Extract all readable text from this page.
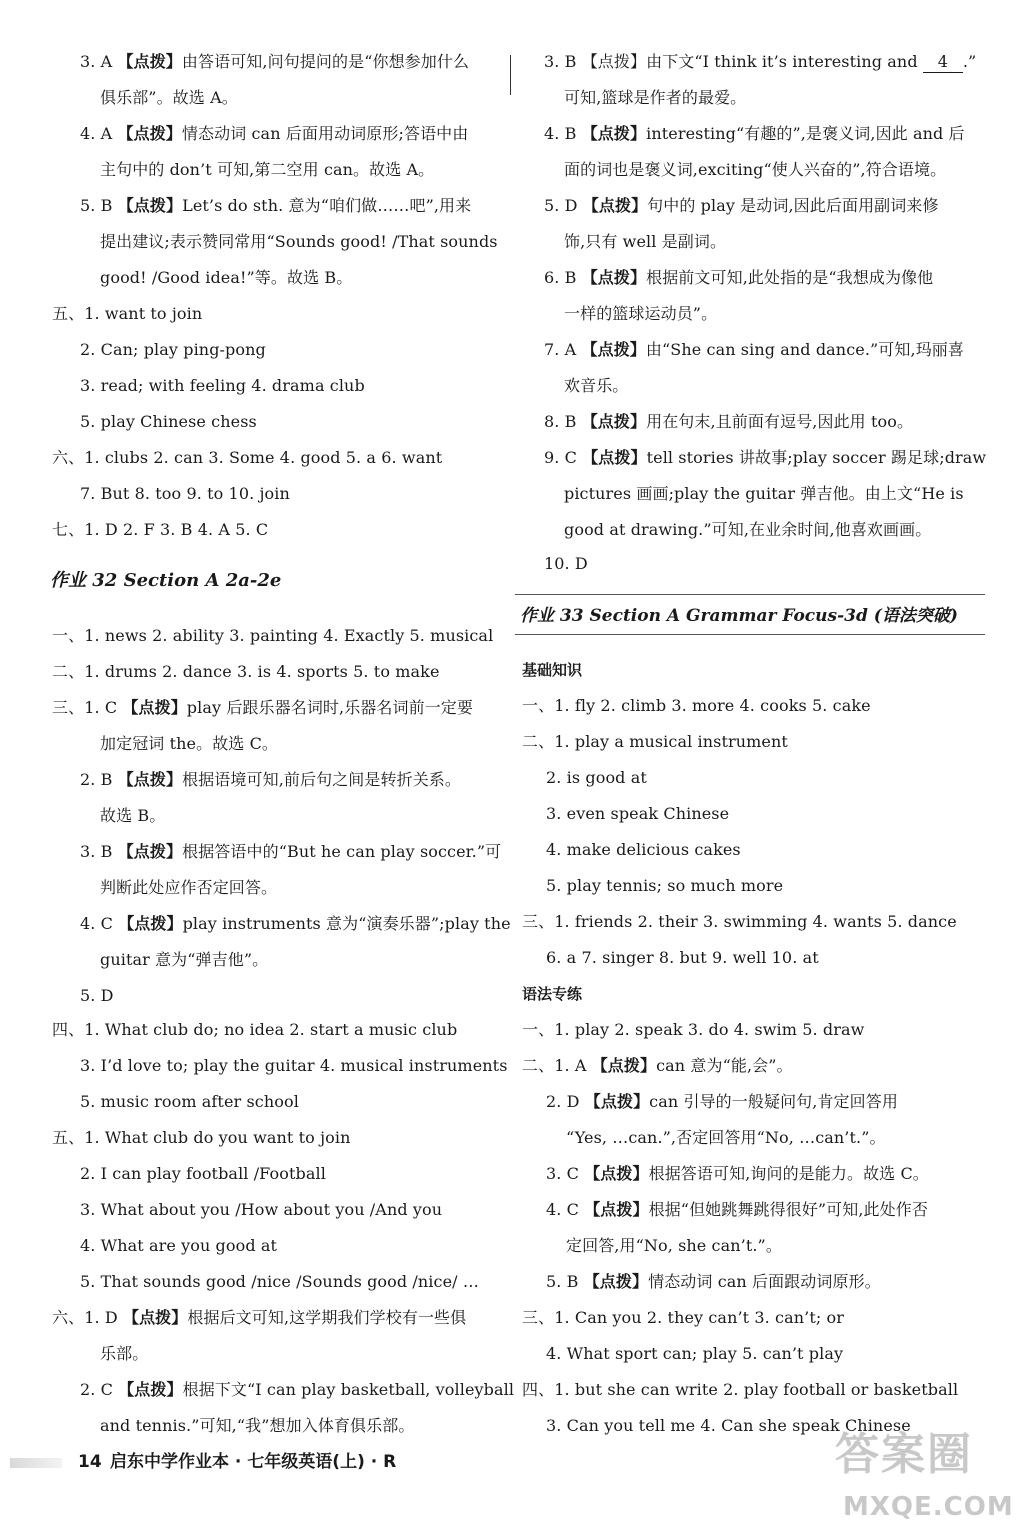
3. A 【点拨】由答语可知,问句提问的是“你想参加什么
俱乐部”。故选 A。
4. A 【点拨】情态动词 can 后面用动词原形;答语中由
主句中的 don’t 可知,第二空用 can。故选 A。
5. B 【点拨】Let’s do sth. 意为“咱们做……吧”,用来
提出建议;表示赞同常用“Sounds good! /That sounds
good! /Good idea!”等。故选 B。
五、1. want to join
2. Can; play ping-pong
3. read; with feeling 4. drama club
5. play Chinese chess
六、1. clubs 2. can 3. Some 4. good 5. a 6. want
7. But 8. too 9. to 10. join
七、1. D 2. F 3. B 4. A 5. C
作业 32 Section A 2a-2e
一、1. news 2. ability 3. painting 4. Exactly 5. musical
二、1. drums 2. dance 3. is 4. sports 5. to make
三、1. C 【点拨】play 后跟乐器名词时,乐器名词前一定要
加定冠词 the。故选 C。
2. B 【点拨】根据语境可知,前后句之间是转折关系。
故选 B。
3. B 【点拨】根据答语中的“But he can play soccer.”可
判断此处应作否定回答。
4. C 【点拨】play instruments 意为“演奏乐器”;play the
guitar 意为“弹吉他”。
5. D
四、1. What club do; no idea 2. start a music club
3. I’d love to; play the guitar 4. musical instruments
5. music room after school
五、1. What club do you want to join
2. I can play football /Football
3. What about you /How about you /And you
4. What are you good at
5. That sounds good /nice /Sounds good /nice/ …
六、1. D 【点拨】根据后文可知,这学期我们学校有一些俱
乐部。
2. C 【点拨】根据下文“I can play basketball, volleyball
and tennis.”可知,“我”想加入体育俱乐部。
3. B 【点拨】由下文“I think it’s interesting and 4 .”
可知,篮球是作者的最爱。
4. B 【点拨】interesting“有趣的”,是褒义词,因此 and 后
面的词也是褒义词,exciting“使人兴奋的”,符合语境。
5. D 【点拨】句中的 play 是动词,因此后面用副词来修
饰,只有 well 是副词。
6. B 【点拨】根据前文可知,此处指的是“我想成为像他
一样的篮球运动员”。
7. A 【点拨】由“She can sing and dance.”可知,玛丽喜
欢音乐。
8. B 【点拨】用在句末,且前面有逗号,因此用 too。
9. C 【点拨】tell stories 讲故事;play soccer 踢足球;draw
pictures 画画;play the guitar 弹吉他。由上文“He is
good at drawing.”可知,在业余时间,他喜欢画画。
10. D
作业 33 Section A Grammar Focus-3d (语法突破)
基础知识
一、1. fly 2. climb 3. more 4. cooks 5. cake
二、1. play a musical instrument
2. is good at
3. even speak Chinese
4. make delicious cakes
5. play tennis; so much more
三、1. friends 2. their 3. swimming 4. wants 5. dance
6. a 7. singer 8. but 9. well 10. at
语法专练
一、1. play 2. speak 3. do 4. swim 5. draw
二、1. A 【点拨】can 意为“能,会”。
2. D 【点拨】can 引导的一般疑问句,肯定回答用
“Yes, …can.”,否定回答用“No, …can’t.”。
3. C 【点拨】根据答语可知,询问的是能力。故选 C。
4. C 【点拨】根据“但她跳舞跳得很好”可知,此处作否
定回答,用“No, she can’t.”。
5. B 【点拨】情态动词 can 后面跟动词原形。
三、1. Can you 2. they can’t 3. can’t; or
4. What sport can; play 5. can’t play
四、1. but she can write 2. play football or basketball
3. Can you tell me 4. Can she speak Chinese
14 启东中学作业本 · 七年级英语(上) · R	答案圈
MXQE.COM
